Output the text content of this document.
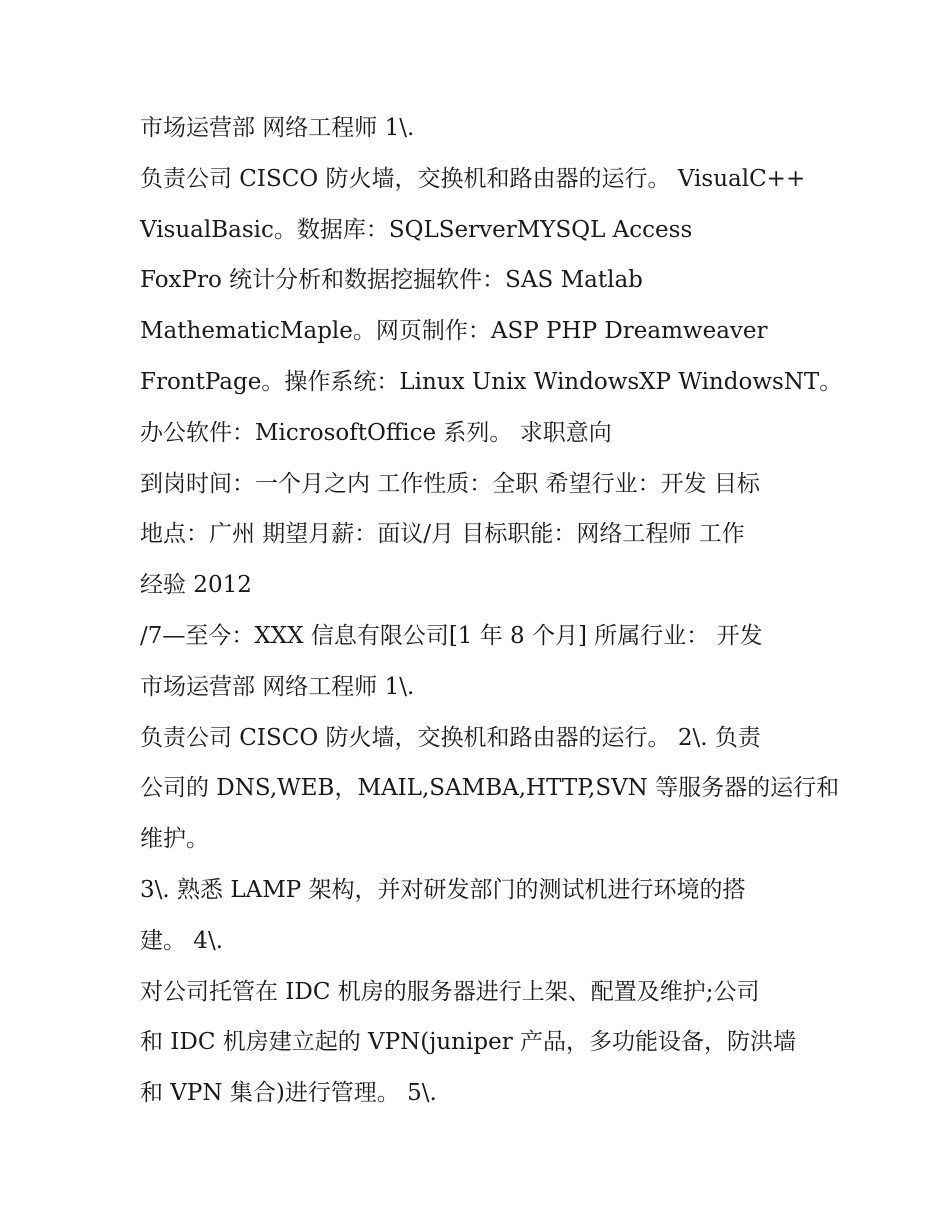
市场运营部 网络工程师 1\.
负责公司 CISCO 防火墙，交换机和路由器的运行。 VisualC++
VisualBasic。数据库：SQLServerMYSQL Access
FoxPro 统计分析和数据挖掘软件：SAS Matlab
MathematicMaple。网页制作：ASP PHP Dreamweaver
FrontPage。操作系统：Linux Unix WindowsXP WindowsNT。
办公软件：MicrosoftOffice 系列。 求职意向
到岗时间：一个月之内 工作性质：全职 希望行业：开发 目标
地点：广州 期望月薪：面议/月 目标职能：网络工程师 工作
经验 2012
/7—至今：XXX 信息有限公司[1 年 8 个月] 所属行业： 开发
市场运营部 网络工程师 1\.
负责公司 CISCO 防火墙，交换机和路由器的运行。 2\. 负责
公司的 DNS,WEB，MAIL,SAMBA,HTTP,SVN 等服务器的运行和
维护。
3\. 熟悉 LAMP 架构，并对研发部门的测试机进行环境的搭
建。 4\.
对公司托管在 IDC 机房的服务器进行上架、配置及维护;公司
和 IDC 机房建立起的 VPN(juniper 产品，多功能设备，防洪墙
和 VPN 集合)进行管理。 5\.
